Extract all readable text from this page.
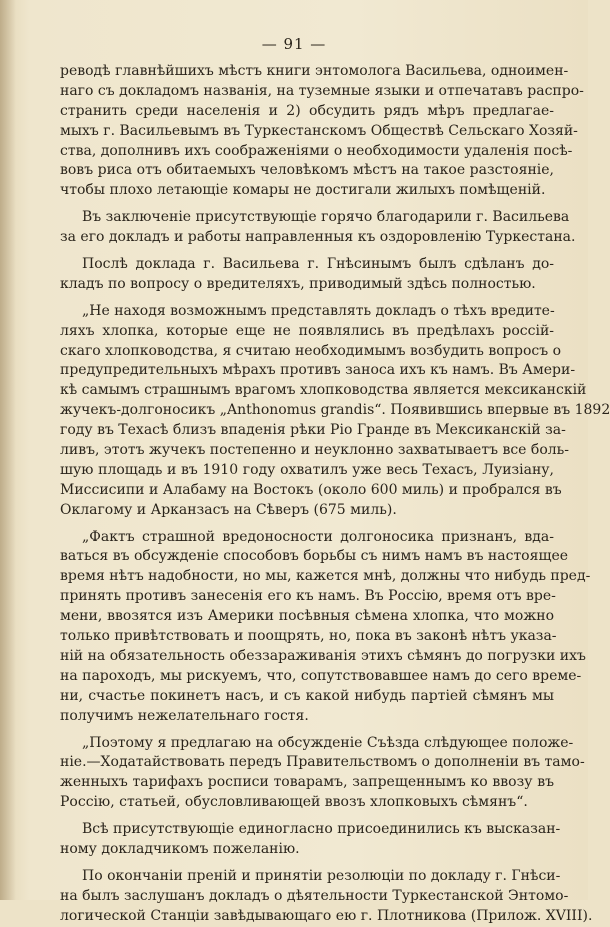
— 91 —
реводѣ главнѣйшихъ мѣстъ книги энтомолога Васильева, одноимен-
наго съ докладомъ названія, на туземные языки и отпечатавъ распро-
странить среди населенія и 2) обсудить рядъ мѣръ предлагае-
мыхъ г. Васильевымъ въ Туркестанскомъ Обществѣ Сельскаго Хозяй-
ства, дополнивъ ихъ соображеніями о необходимости удаленія посѣ-
вовъ риса отъ обитаемыхъ человѣкомъ мѣстъ на такое разстояніе,
чтобы плохо летающіе комары не достигали жилыхъ помѣщеній.
Въ заключеніе присутствующіе горячо благодарили г. Васильева
за его докладъ и работы направленныя къ оздоровленію Туркестана.
Послѣ доклада г. Васильева г. Гнѣсинымъ былъ сдѣланъ до-
кладъ по вопросу о вредителяхъ, приводимый здѣсь полностью.
„Не находя возможнымъ представлять докладъ о тѣхъ вредите-
ляхъ хлопка, которые еще не появлялись въ предѣлахъ россій-
скаго хлопководства, я считаю необходимымъ возбудить вопросъ о
предупредительныхъ мѣрахъ противъ заноса ихъ къ намъ. Въ Амери-
кѣ самымъ страшнымъ врагомъ хлопководства является мексиканскій
жучекъ-долгоносикъ „Anthonomus grandis“. Появившись впервые въ 1892
году въ Техасѣ близъ впаденія рѣки Ріо Гранде въ Мексиканскій за-
ливъ, этотъ жучекъ постепенно и неуклонно захватываетъ все боль-
шую площадь и въ 1910 году охватилъ уже весь Техасъ, Луизіану,
Миссисипи и Алабаму на Востокъ (около 600 миль) и пробрался въ
Оклагому и Арканзасъ на Сѣверъ (675 миль).
„Фактъ страшной вредоносности долгоносика признанъ, вда-
ваться въ обсужденіе способовъ борьбы съ нимъ намъ въ настоящее
время нѣтъ надобности, но мы, кажется мнѣ, должны что нибудь пред-
принять противъ занесенія его къ намъ. Въ Россію, время отъ вре-
мени, ввозятся изъ Америки посѣвныя сѣмена хлопка, что можно
только привѣтствовать и поощрять, но, пока въ законѣ нѣтъ указа-
ній на обязательность обеззараживанія этихъ сѣмянъ до погрузки ихъ
на пароходъ, мы рискуемъ, что, сопутствовавшее намъ до сего време-
ни, счастье покинетъ насъ, и съ какой нибудь партіей сѣмянъ мы
получимъ нежелательнаго гостя.
„Поэтому я предлагаю на обсужденіе Съѣзда слѣдующее положе-
ніе.—Ходатайствовать передъ Правительствомъ о дополненіи въ тамо-
женныхъ тарифахъ росписи товарамъ, запрещеннымъ ко ввозу въ
Россію, статьей, обусловливающей ввозъ хлопковыхъ сѣмянъ“.
Всѣ присутствующіе единогласно присоединились къ высказан-
ному докладчикомъ пожеланію.
По окончаніи преній и принятіи резолюціи по докладу г. Гнѣси-
на былъ заслушанъ докладъ о дѣятельности Туркестанской Энтомо-
логической Станціи завѣдывающаго ею г. Плотникова (Прилож. XVIII).
